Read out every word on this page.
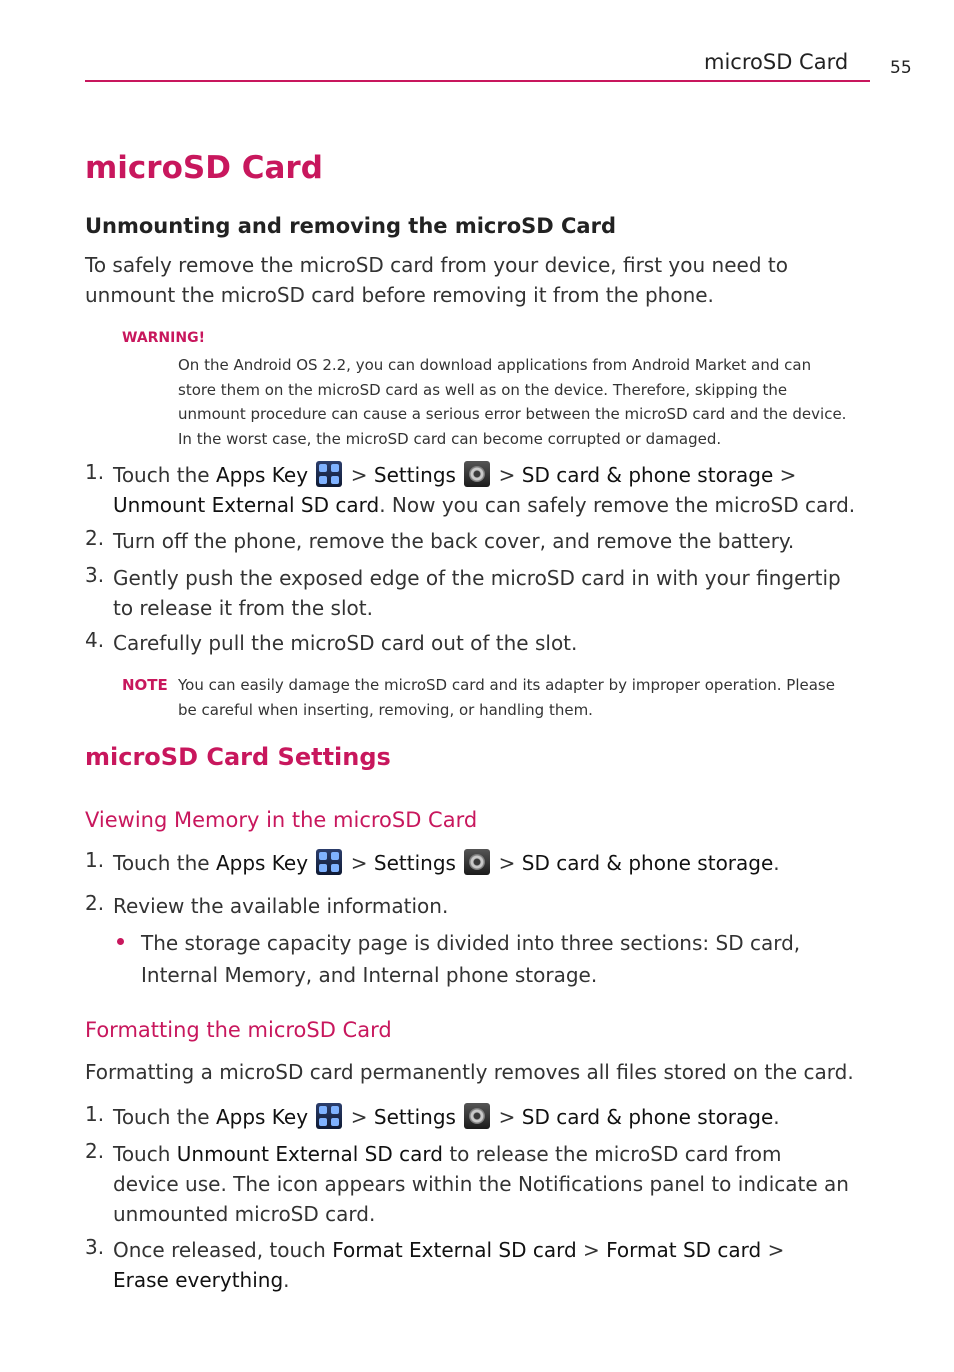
microSD Card 55
microSD Card
Unmounting and removing the microSD Card
To safely remove the microSD card from your device, first you need to
unmount the microSD card before removing it from the phone.
WARNING!
On the Android OS 2.2, you can download applications from Android Market and can
store them on the microSD card as well as on the device. Therefore, skipping the
unmount procedure can cause a serious error between the microSD card and the device.
In the worst case, the microSD card can become corrupted or damaged.
1. Touch the Apps Key
> Settings
> SD card & phone storage >
Unmount External SD card. Now you can safely remove the microSD card.
2. Turn off the phone, remove the back cover, and remove the battery.
3. Gently push the exposed edge of the microSD card in with your fingertip
to release it from the slot.
4. Carefully pull the microSD card out of the slot.
NOTE You can easily damage the microSD card and its adapter by improper operation. Please
be careful when inserting, removing, or handling them.
microSD Card Settings
Viewing Memory in the microSD Card
1. Touch the Apps Key
> Settings
> SD card & phone storage.
2. Review the available information.
The storage capacity page is divided into three sections: SD card,
Internal Memory, and Internal phone storage.
Formatting the microSD Card
Formatting a microSD card permanently removes all files stored on the card.
1. Touch the Apps Key
> Settings
> SD card & phone storage.
2. Touch Unmount External SD card to release the microSD card from
device use. The icon appears within the Notifications panel to indicate an
unmounted microSD card.
3. Once released, touch Format External SD card > Format SD card >
Erase everything.
